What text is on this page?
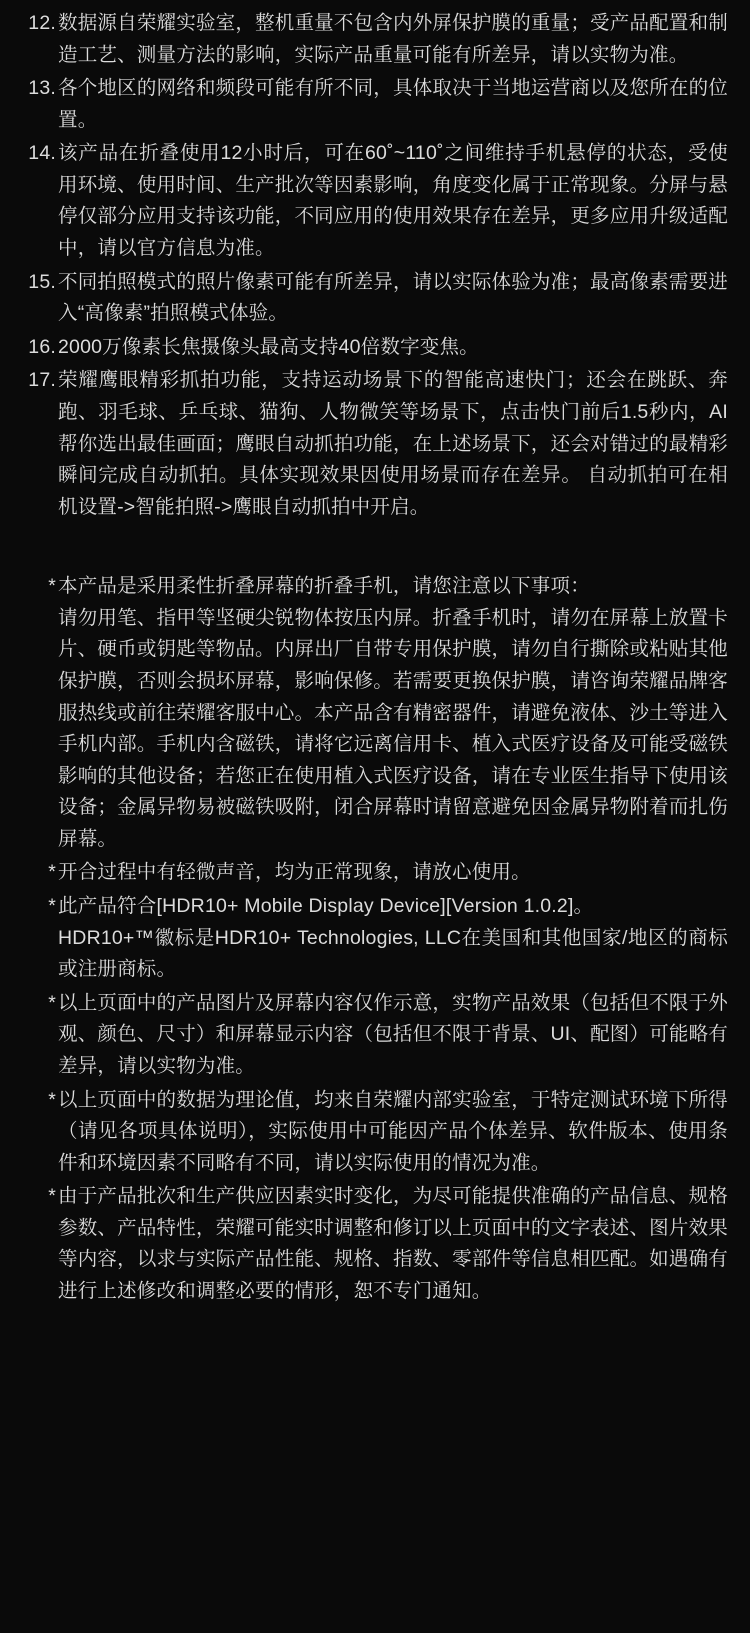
12. 数据源自荣耀实验室，整机重量不包含内外屏保护膜的重量；受产品配置和制造工艺、测量方法的影响，实际产品重量可能有所差异，请以实物为准。
13. 各个地区的网络和频段可能有所不同，具体取决于当地运营商以及您所在的位置。
14. 该产品在折叠使用12小时后，可在60˚~110˚之间维持手机悬停的状态，受使用环境、使用时间、生产批次等因素影响，角度变化属于正常现象。分屏与悬停仅部分应用支持该功能，不同应用的使用效果存在差异，更多应用升级适配中，请以官方信息为准。
15. 不同拍照模式的照片像素可能有所差异，请以实际体验为准；最高像素需要进入“高像素”拍照模式体验。
16. 2000万像素长焦摄像头最高支持40倍数字变焦。
17. 荣耀鹰眼精彩抓拍功能，支持运动场景下的智能高速快门；还会在跳跃、奔跑、羽毛球、乒乓球、猫狗、人物微笑等场景下，点击快门前后1.5秒内，AI帮你选出最佳画面；鹰眼自动抓拍功能，在上述场景下，还会对错过的最精彩瞬间完成自动抓拍。具体实现效果因使用场景而存在差异。 自动抓拍可在相机设置->智能拍照->鹰眼自动抓拍中开启。
* 本产品是采用柔性折叠屏幕的折叠手机，请您注意以下事项：
请勿用笔、指甲等坚硬尖锐物体按压内屏。折叠手机时，请勿在屏幕上放置卡片、硬币或钥匙等物品。内屏出厂自带专用保护膜，请勿自行撕除或粘贴其他保护膜，否则会损坏屏幕，影响保修。若需要更换保护膜，请咨询荣耀品牌客服热线或前往荣耀客服中心。本产品含有精密器件，请避免液体、沙土等进入手机内部。手机内含磁铁，请将它远离信用卡、植入式医疗设备及可能受磁铁影响的其他设备；若您正在使用植入式医疗设备，请在专业医生指导下使用该设备；金属异物易被磁铁吸附，闭合屏幕时请留意避免因金属异物附着而扎伤屏幕。
* 开合过程中有轻微声音，均为正常现象，请放心使用。
* 此产品符合[HDR10+ Mobile Display Device][Version 1.0.2]。
HDR10+™徽标是HDR10+ Technologies, LLC在美国和其他国家/地区的商标或注册商标。
* 以上页面中的产品图片及屏幕内容仅作示意，实物产品效果（包括但不限于外观、颜色、尺寸）和屏幕显示内容（包括但不限于背景、UI、配图）可能略有差异，请以实物为准。
* 以上页面中的数据为理论值，均来自荣耀内部实验室，于特定测试环境下所得（请见各项具体说明），实际使用中可能因产品个体差异、软件版本、使用条件和环境因素不同略有不同，请以实际使用的情况为准。
* 由于产品批次和生产供应因素实时变化，为尽可能提供准确的产品信息、规格参数、产品特性，荣耀可能实时调整和修订以上页面中的文字表述、图片效果等内容，以求与实际产品性能、规格、指数、零部件等信息相匹配。如遇确有进行上述修改和调整必要的情形，恕不专门通知。
